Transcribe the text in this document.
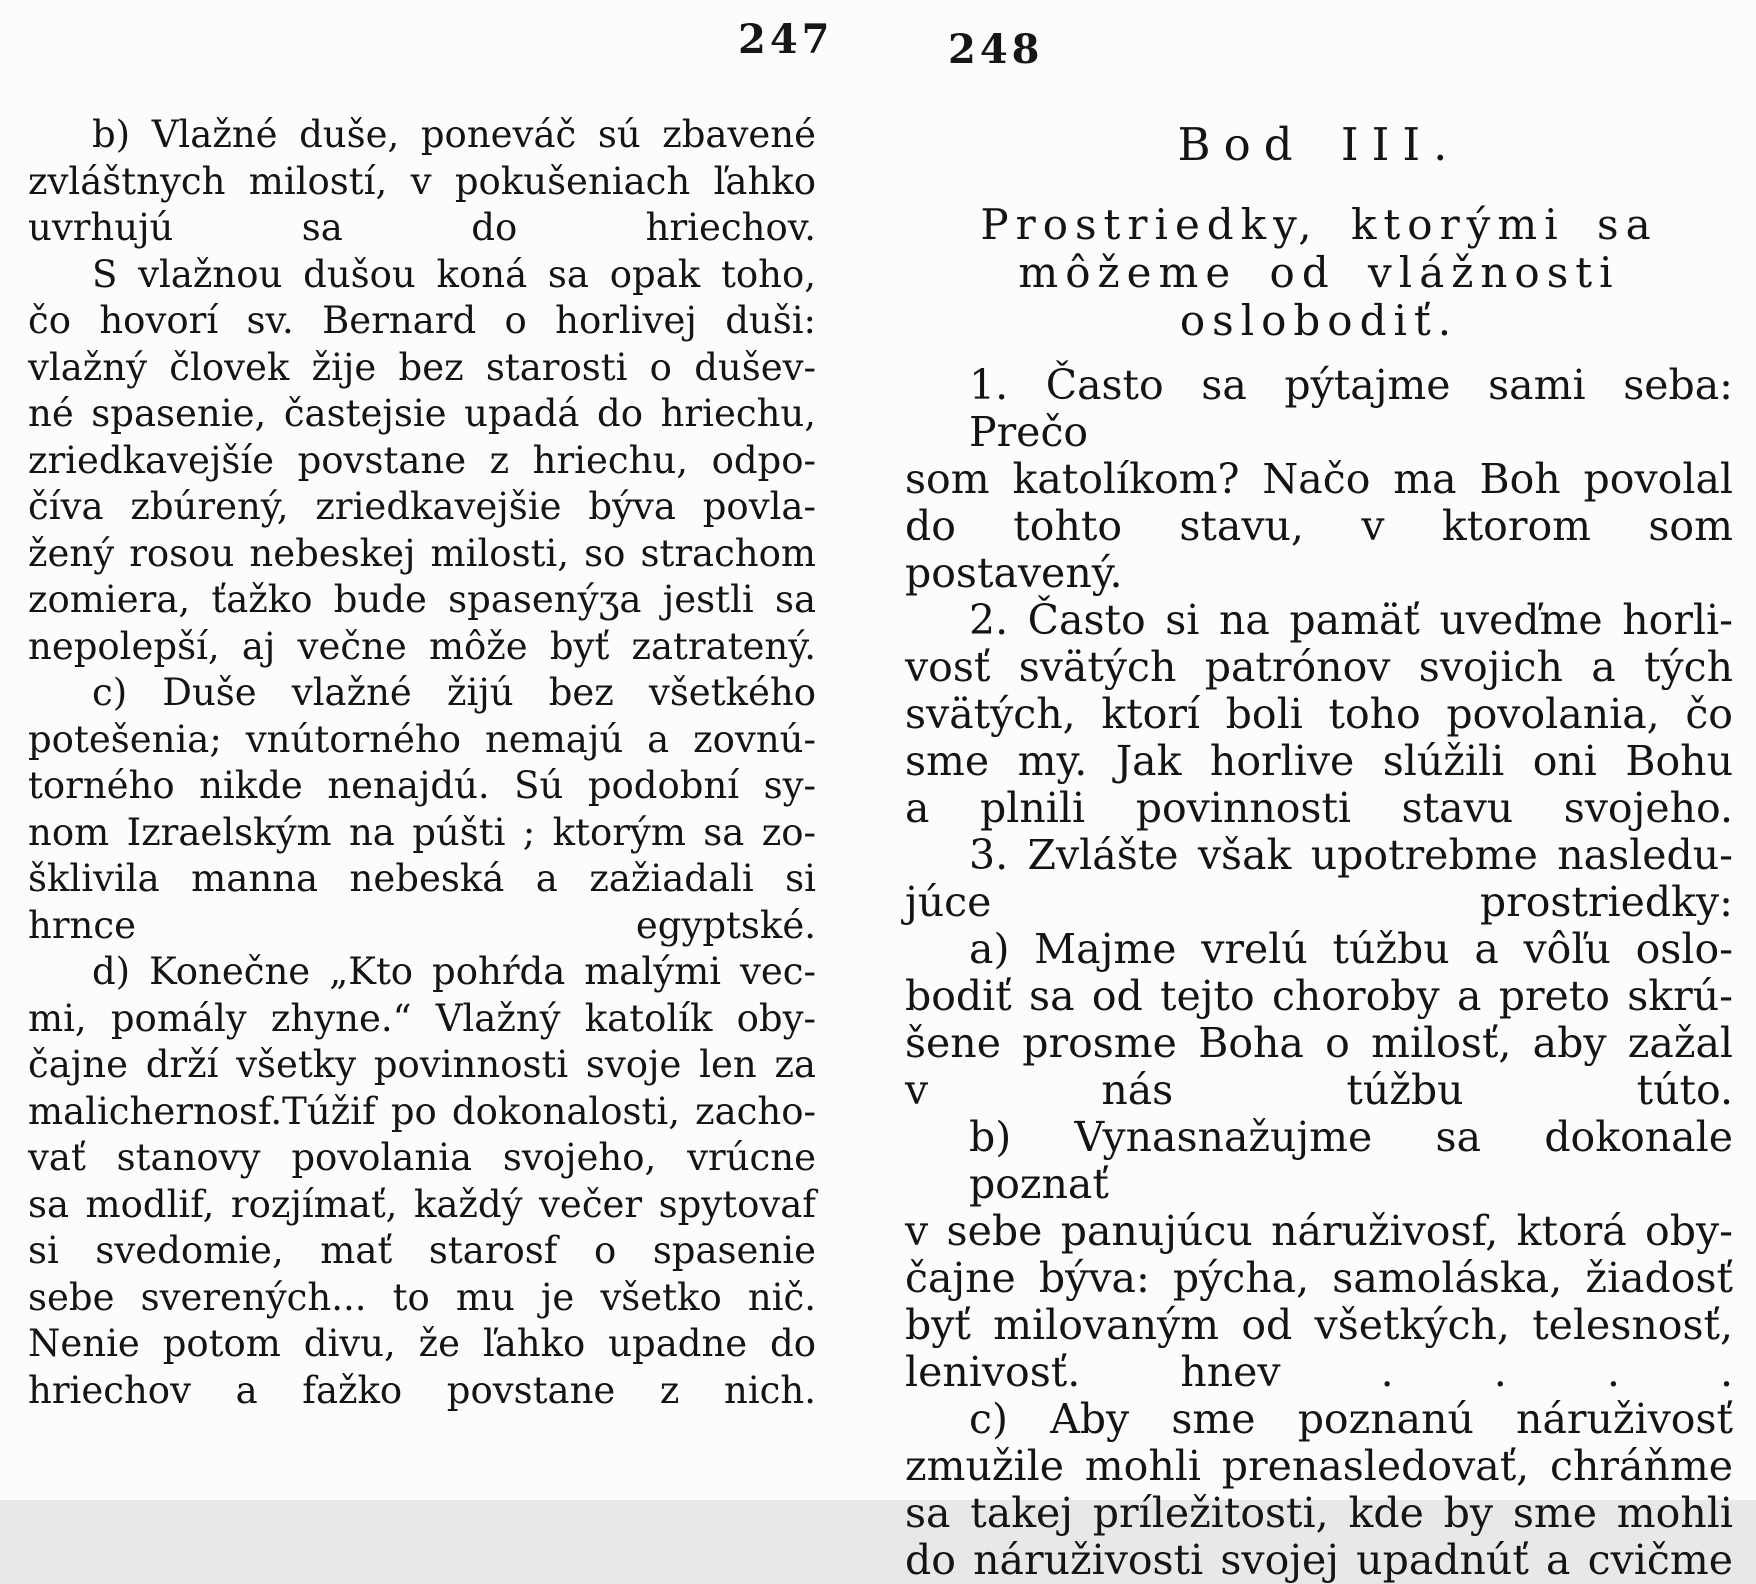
247	248
b) Vlažné duše, poneváč sú zbavené
zvláštnych milostí, v pokušeniach ľahko
uvrhujú sa do hriechov.
S vlažnou dušou koná sa opak toho,
čo hovorí sv. Bernard o horlivej duši:
vlažný človek žije bez starosti o dušev-
né spasenie, častejsie upadá do hriechu,
zriedkavejšíe povstane z hriechu, odpo-
číva zbúrený, zriedkavejšie býva povla-
žený rosou nebeskej milosti, so strachom
zomiera, ťažko bude spasenýʒa jestli sa
nepolepší, aj večne môže byť zatratený.
c) Duše vlažné žijú bez všetkého
potešenia; vnútorného nemajú a zovnú-
torného nikde nenajdú. Sú podobní sy-
nom Izraelským na púšti ; ktorým sa zo-
šklivila manna nebeská a zažiadali si
hrnce egyptské.
d) Konečne „Kto pohŕda malými vec-
mi, pomály zhyne.“ Vlažný katolík oby-
čajne drží všetky povinnosti svoje len za
malichernosf.Túžif po dokonalosti, zacho-
vať stanovy povolania svojeho, vrúcne
sa modlif, rozjímať, každý večer spytovaf
si svedomie, mať starosf o spasenie
sebe sverených... to mu je všetko nič.
Nenie potom divu, že ľahko upadne do
hriechov a fažko povstane z nich.
Bod III.
Prostriedky, ktorými sa
môžeme od vlážnosti
oslobodiť.
1. Často sa pýtajme sami seba: Prečo
som katolíkom? Načo ma Boh povolal
do tohto stavu, v ktorom som postavený.
2. Často si na pamäť uveďme horli-
vosť svätých patrónov svojich a tých
svätých, ktorí boli toho povolania, čo
sme my. Jak horlive slúžili oni Bohu
a plnili povinnosti stavu svojeho.
3. Zvlášte však upotrebme nasledu-
júce prostriedky:
a) Majme vrelú túžbu a vôľu oslo-
bodiť sa od tejto choroby a preto skrú-
šene prosme Boha o milosť, aby zažal
v nás túžbu túto.
b) Vynasnažujme sa dokonale poznať
v sebe panujúcu náruživosf, ktorá oby-
čajne býva: pýcha, samoláska, žiadosť
byť milovaným od všetkých, telesnosť,
lenivosť. hnev . . . .
c) Aby sme poznanú náruživosť
zmužile mohli prenasledovať, chráňme
sa takej príležitosti, kde by sme mohli
do náruživosti svojej upadnúť a cvičme
